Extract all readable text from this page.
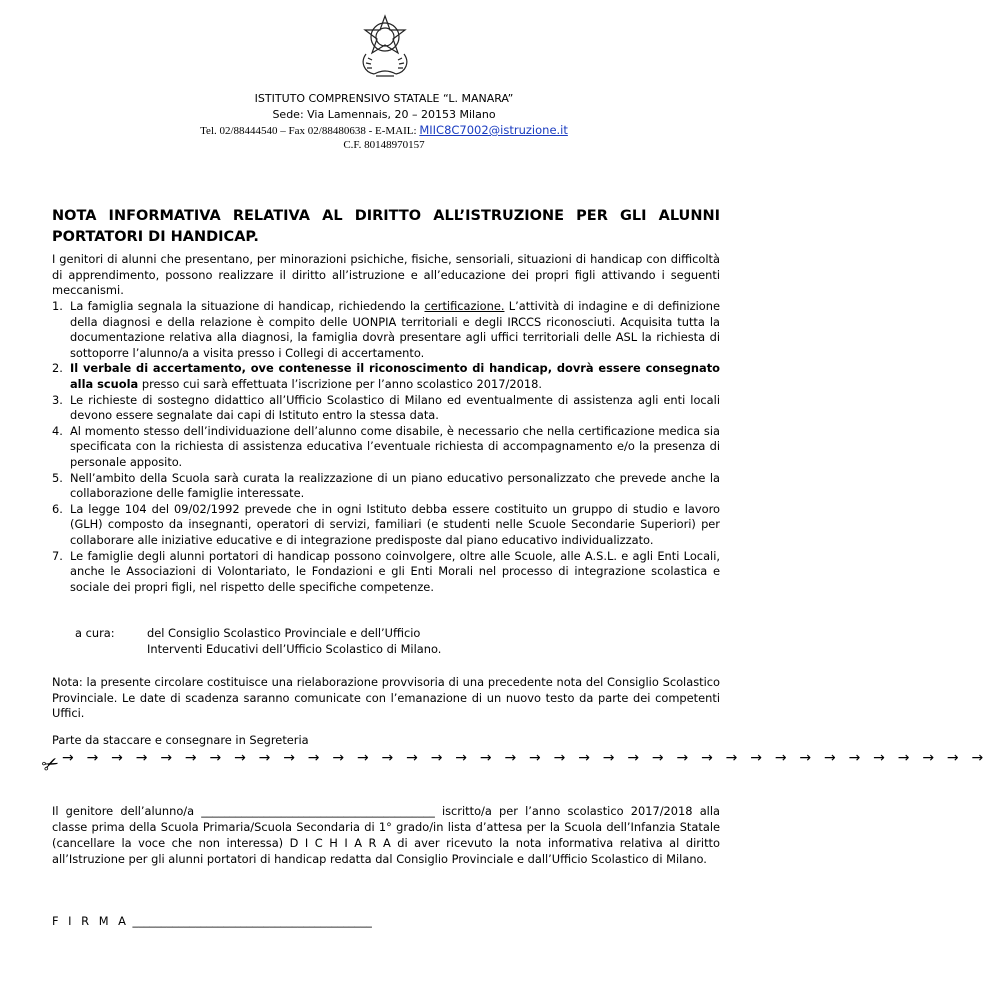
ISTITUTO COMPRENSIVO STATALE “L. MANARA”
Sede: Via Lamennais, 20 – 20153 Milano
Tel. 02/88444540 – Fax 02/88480638 - E-MAIL: MIIC8C7002@istruzione.it
C.F. 80148970157
NOTA INFORMATIVA RELATIVA AL DIRITTO ALL’ISTRUZIONE PER GLI ALUNNI PORTATORI DI HANDICAP.
I genitori di alunni che presentano, per minorazioni psichiche, fisiche, sensoriali, situazioni di handicap con difficoltà di apprendimento, possono realizzare il diritto all’istruzione e all’educazione dei propri figli attivando i seguenti meccanismi.
1. La famiglia segnala la situazione di handicap, richiedendo la certificazione. L’attività di indagine e di definizione della diagnosi e della relazione è compito delle UONPIA territoriali e degli IRCCS riconosciuti. Acquisita tutta la documentazione relativa alla diagnosi, la famiglia dovrà presentare agli uffici territoriali delle ASL la richiesta di sottoporre l’alunno/a a visita presso i Collegi di accertamento.
2. Il verbale di accertamento, ove contenesse il riconoscimento di handicap, dovrà essere consegnato alla scuola presso cui sarà effettuata l’iscrizione per l’anno scolastico 2017/2018.
3. Le richieste di sostegno didattico all’Ufficio Scolastico di Milano ed eventualmente di assistenza agli enti locali devono essere segnalate dai capi di Istituto entro la stessa data.
4. Al momento stesso dell’individuazione dell’alunno come disabile, è necessario che nella certificazione medica sia specificata con la richiesta di assistenza educativa l’eventuale richiesta di accompagnamento e/o la presenza di personale apposito.
5. Nell’ambito della Scuola sarà curata la realizzazione di un piano educativo personalizzato che prevede anche la collaborazione delle famiglie interessate.
6. La legge 104 del 09/02/1992 prevede che in ogni Istituto debba essere costituito un gruppo di studio e lavoro (GLH) composto da insegnanti, operatori di servizi, familiari (e studenti nelle Scuole Secondarie Superiori) per collaborare alle iniziative educative e di integrazione predisposte dal piano educativo individualizzato.
7. Le famiglie degli alunni portatori di handicap possono coinvolgere, oltre alle Scuole, alle A.S.L. e agli Enti Locali, anche le Associazioni di Volontariato, le Fondazioni e gli Enti Morali nel processo di integrazione scolastica e sociale dei propri figli, nel rispetto delle specifiche competenze.
a cura:	del Consiglio Scolastico Provinciale e dell’Ufficio
Interventi Educativi dell’Ufficio Scolastico di Milano.
Nota: la presente circolare costituisce una rielaborazione provvisoria di una precedente nota del Consiglio Scolastico Provinciale. Le date di scadenza saranno comunicate con l’emanazione di un nuovo testo da parte dei competenti Uffici.
Parte da staccare e consegnare in Segreteria
✂
→ → → → → → → → → → → → → → → → → → → → → → → → → → → → → → → → → → → → → →
Il genitore dell’alunno/a _________________________________________ iscritto/a per l’anno scolastico 2017/2018 alla classe prima della Scuola Primaria/Scuola Secondaria di 1° grado/in lista d’attesa per la Scuola dell’Infanzia Statale (cancellare la voce che non interessa) D I C H I A R A di aver ricevuto la nota informativa relativa al diritto all’Istruzione per gli alunni portatori di handicap redatta dal Consiglio Provinciale e dall’Ufficio Scolastico di Milano.
F I R M A __________________________________________
